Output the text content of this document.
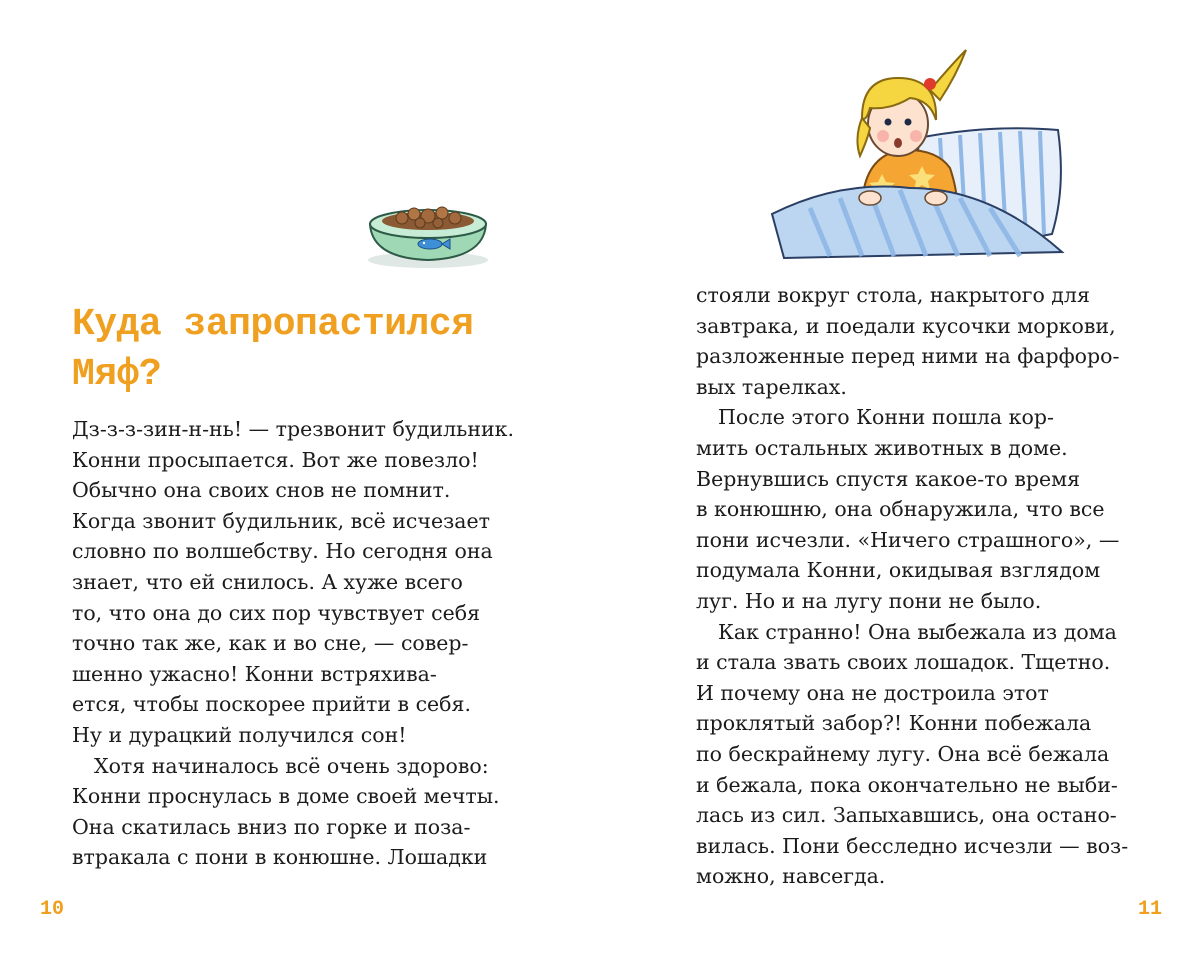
Куда запропастился
Мяф?
Дз-з-з-зин-н-нь! — трезвонит будильник.
Конни просыпается. Вот же повезло!
Обычно она своих снов не помнит.
Когда звонит будильник, всё исчезает
словно по волшебству. Но сегодня она
знает, что ей снилось. А хуже всего
то, что она до сих пор чувствует себя
точно так же, как и во сне, — совер-
шенно ужасно! Конни встряхива-
ется, чтобы поскорее прийти в себя.
Ну и дурацкий получился сон!
Хотя начиналось всё очень здорово:
Конни проснулась в доме своей мечты.
Она скатилась вниз по горке и поза-
втракала с пони в конюшне. Лошадки
10
стояли вокруг стола, накрытого для
завтрака, и поедали кусочки моркови,
разложенные перед ними на фарфоро-
вых тарелках.
После этого Конни пошла кор-
мить остальных животных в доме.
Вернувшись спустя какое-то время
в конюшню, она обнаружила, что все
пони исчезли. «Ничего страшного», —
подумала Конни, окидывая взглядом
луг. Но и на лугу пони не было.
Как странно! Она выбежала из дома
и стала звать своих лошадок. Тщетно.
И почему она не достроила этот
проклятый забор?! Конни побежала
по бескрайнему лугу. Она всё бежала
и бежала, пока окончательно не выби-
лась из сил. Запыхавшись, она остано-
вилась. Пони бесследно исчезли — воз-
можно, навсегда.
11
